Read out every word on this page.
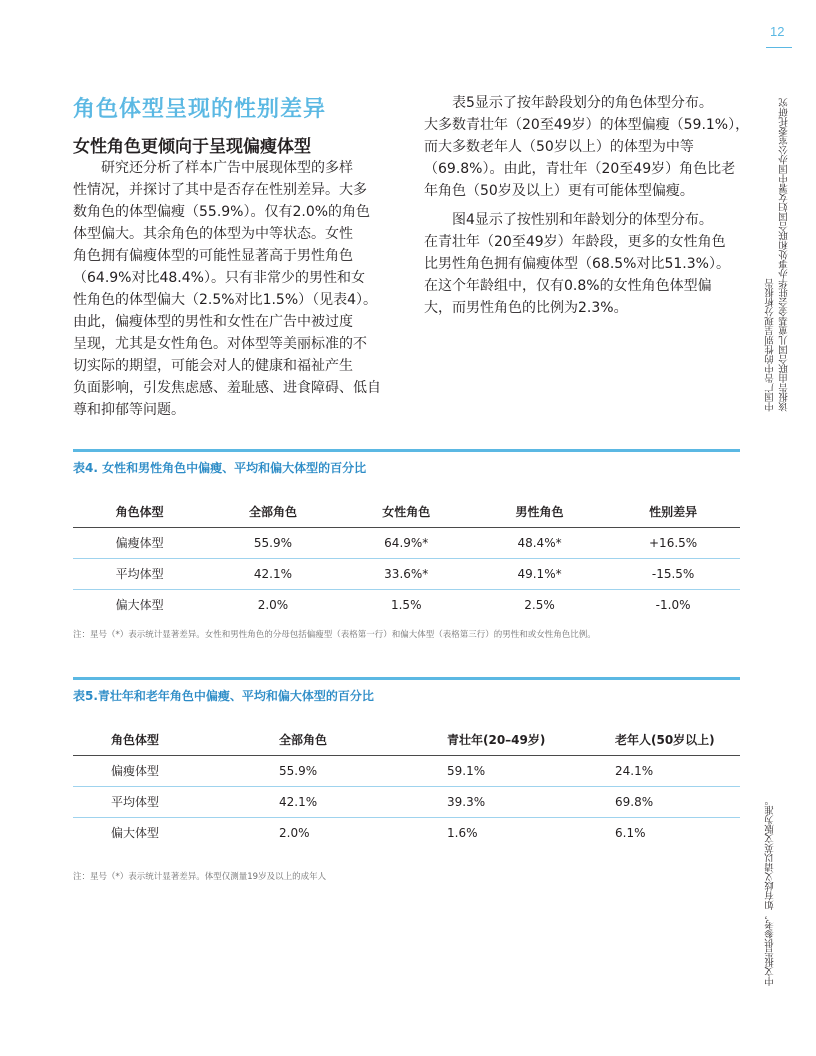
12
中国广告中的性别呈现分析报告 该报告由联合国儿童基金会驻华办事处和联合国妇女署中国办公室委托研究
中文报告供参考，如有歧义请以英文版为准。
角色体型呈现的性别差异
女性角色更倾向于呈现偏瘦体型
　　研究还分析了样本广告中展现体型的多样
性情况，并探讨了其中是否存在性别差异。大多
数角色的体型偏瘦（55.9%）。仅有2.0%的角色
体型偏大。其余角色的体型为中等状态。女性
角色拥有偏瘦体型的可能性显著高于男性角色
（64.9%对比48.4%）。只有非常少的男性和女
性角色的体型偏大（2.5%对比1.5%）（见表4）。
由此，偏瘦体型的男性和女性在广告中被过度
呈现，尤其是女性角色。对体型等美丽标准的不
切实际的期望，可能会对人的健康和福祉产生
负面影响，引发焦虑感、羞耻感、进食障碍、低自
尊和抑郁等问题。
　　表5显示了按年龄段划分的角色体型分布。
大多数青壮年（20至49岁）的体型偏瘦（59.1%），
而大多数老年人（50岁以上）的体型为中等
（69.8%）。由此，青壮年（20至49岁）角色比老
年角色（50岁及以上）更有可能体型偏瘦。
　　图4显示了按性别和年龄划分的体型分布。
在青壮年（20至49岁）年龄段，更多的女性角色
比男性角色拥有偏瘦体型（68.5%对比51.3%）。
在这个年龄组中，仅有0.8%的女性角色体型偏
大，而男性角色的比例为2.3%。
表4. 女性和男性角色中偏瘦、平均和偏大体型的百分比
角色体型	全部角色	女性角色	男性角色	性别差异
偏瘦体型	55.9%	64.9%*	48.4%*	+16.5%
平均体型	42.1%	33.6%*	49.1%*	-15.5%
偏大体型	2.0%	1.5%	2.5%	-1.0%
注：星号（*）表示统计显著差异。女性和男性角色的分母包括偏瘦型（表格第一行）和偏大体型（表格第三行）的男性和或女性角色比例。
表5.青壮年和老年角色中偏瘦、平均和偏大体型的百分比
角色体型	全部角色	青壮年(20–49岁)	老年人(50岁以上)
偏瘦体型	55.9%	59.1%	24.1%
平均体型	42.1%	39.3%	69.8%
偏大体型	2.0%	1.6%	6.1%
注：星号（*）表示统计显著差异。体型仅测量19岁及以上的成年人
